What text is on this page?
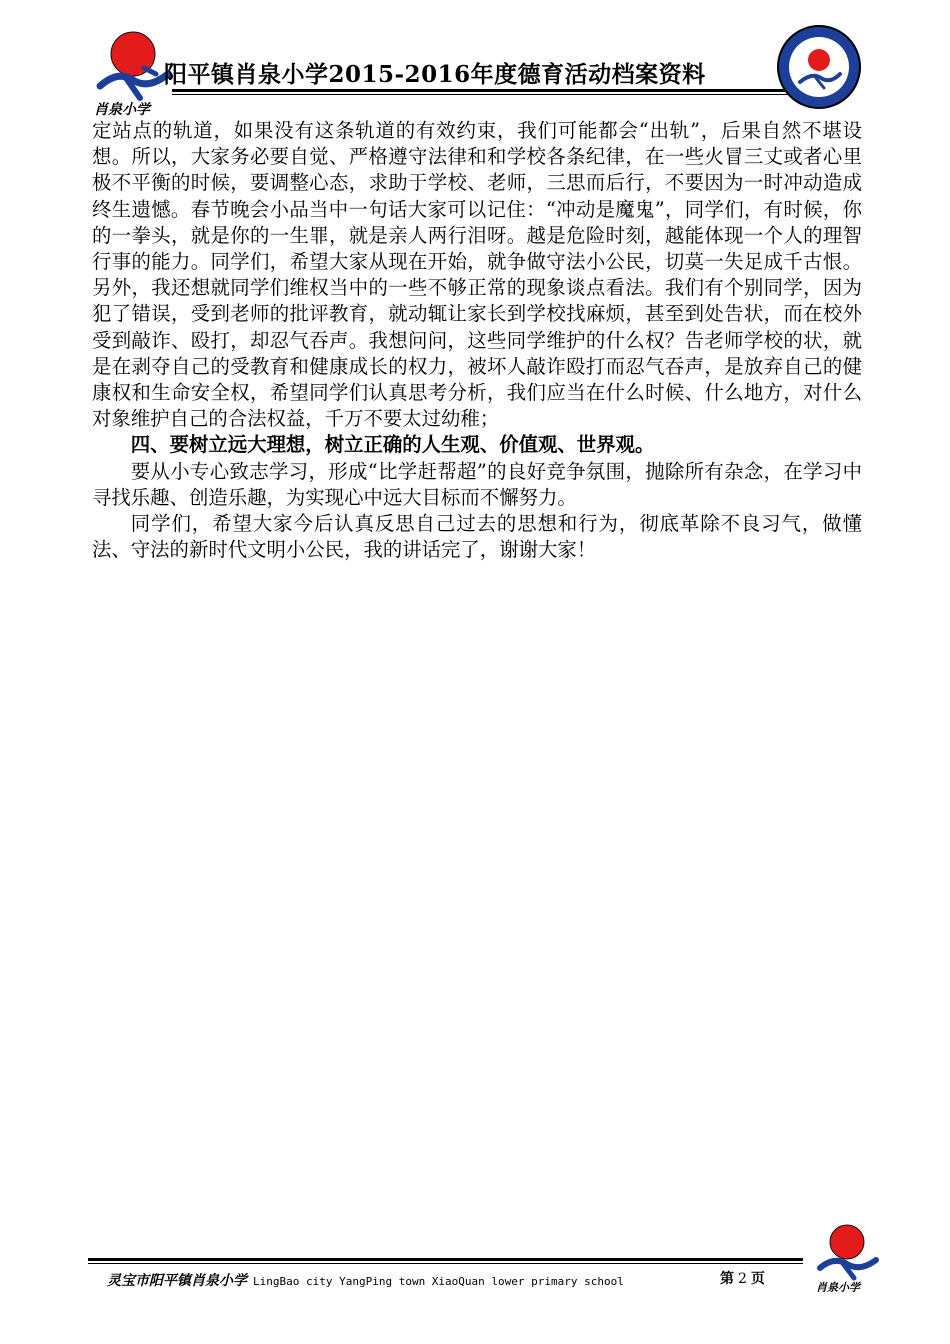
肖泉小学
阳平镇肖泉小学2015-2016年度德育活动档案资料

定站点的轨道，如果没有这条轨道的有效约束，我们可能都会“出轨”，后果自然不堪设想。所以，大家务必要自觉、严格遵守法律和和学校各条纪律，在一些火冒三丈或者心里极不平衡的时候，要调整心态，求助于学校、老师，三思而后行，不要因为一时冲动造成终生遗憾。春节晚会小品当中一句话大家可以记住：“冲动是魔鬼”，同学们，有时候，你的一拳头，就是你的一生罪，就是亲人两行泪呀。越是危险时刻，越能体现一个人的理智行事的能力。同学们，希望大家从现在开始，就争做守法小公民，切莫一失足成千古恨。另外，我还想就同学们维权当中的一些不够正常的现象谈点看法。我们有个别同学，因为犯了错误，受到老师的批评教育，就动辄让家长到学校找麻烦，甚至到处告状，而在校外受到敲诈、殴打，却忍气吞声。我想问问，这些同学维护的什么权？告老师学校的状，就是在剥夺自己的受教育和健康成长的权力，被坏人敲诈殴打而忍气吞声，是放弃自己的健康权和生命安全权，希望同学们认真思考分析，我们应当在什么时候、什么地方，对什么对象维护自己的合法权益，千万不要太过幼稚；

四、要树立远大理想，树立正确的人生观、价值观、世界观。

要从小专心致志学习，形成“比学赶帮超”的良好竞争氛围，抛除所有杂念，在学习中寻找乐趣、创造乐趣，为实现心中远大目标而不懈努力。

同学们，希望大家今后认真反思自己过去的思想和行为，彻底革除不良习气，做懂法、守法的新时代文明小公民，我的讲话完了，谢谢大家！

灵宝市阳平镇肖泉小学 LingBao city YangPing town XiaoQuan lower primary school	第 2 页
肖泉小学
